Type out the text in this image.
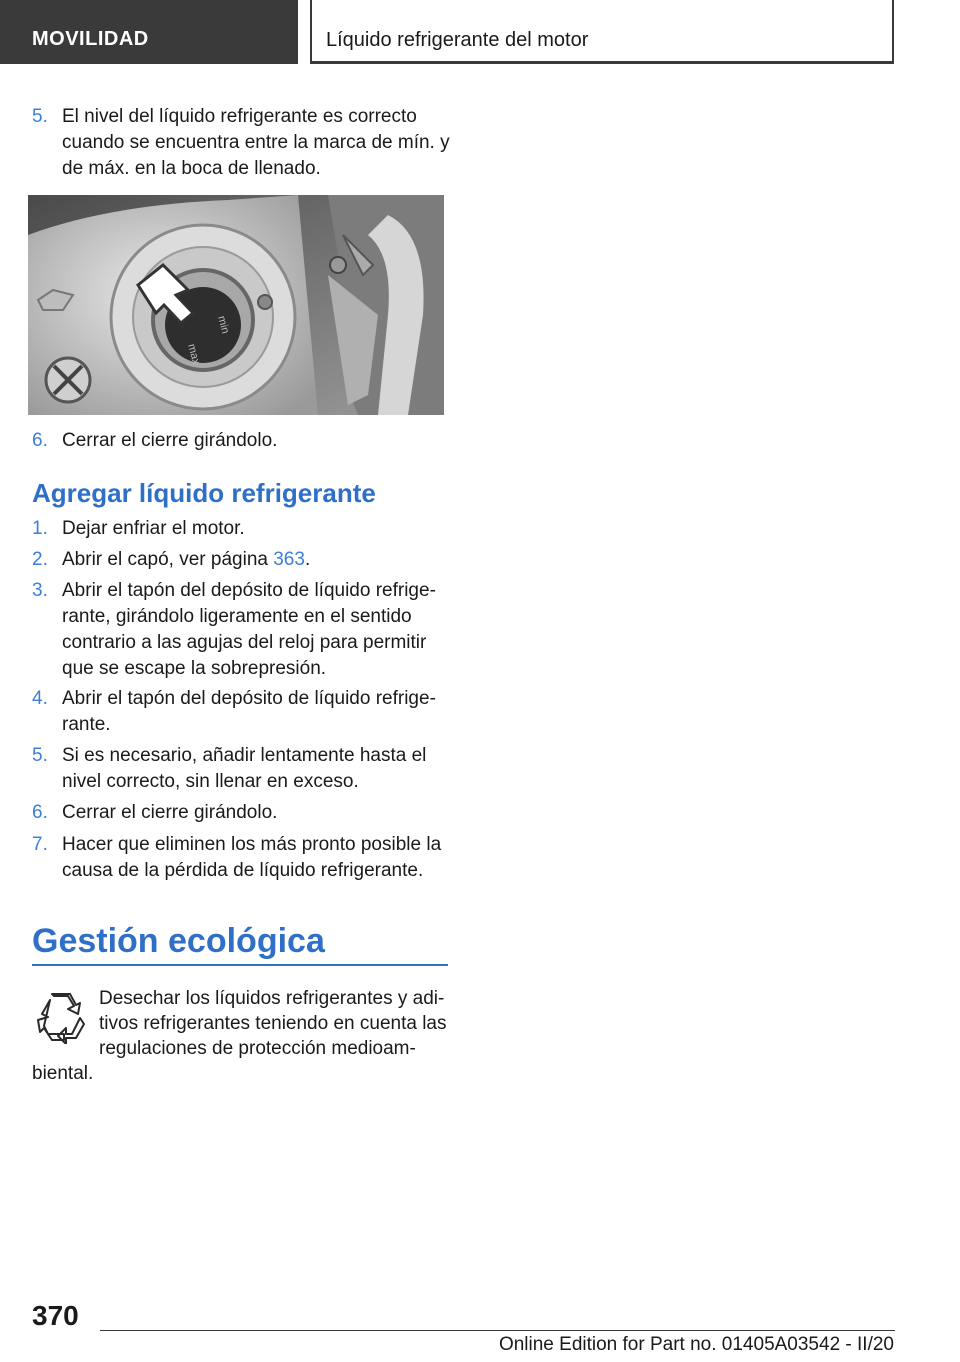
MOVILIDAD	Líquido refrigerante del motor
5. El nivel del líquido refrigerante es correcto
cuando se encuentra entre la marca de mín. y
de máx. en la boca de llenado.
min
max
6. Cerrar el cierre girándolo.
Agregar líquido refrigerante
1. Dejar enfriar el motor.
2. Abrir el capó, ver página 363.
3. Abrir el tapón del depósito de líquido refrige‐
rante, girándolo ligeramente en el sentido
contrario a las agujas del reloj para permitir
que se escape la sobrepresión.
4. Abrir el tapón del depósito de líquido refrige‐
rante.
5. Si es necesario, añadir lentamente hasta el
nivel correcto, sin llenar en exceso.
6. Cerrar el cierre girándolo.
7. Hacer que eliminen los más pronto posible la
causa de la pérdida de líquido refrigerante.
Gestión ecológica
Desechar los líquidos refrigerantes y adi‐
tivos refrigerantes teniendo en cuenta las
regulaciones de protección medioam‐
biental.
370
Online Edition for Part no. 01405A03542 - II/20
